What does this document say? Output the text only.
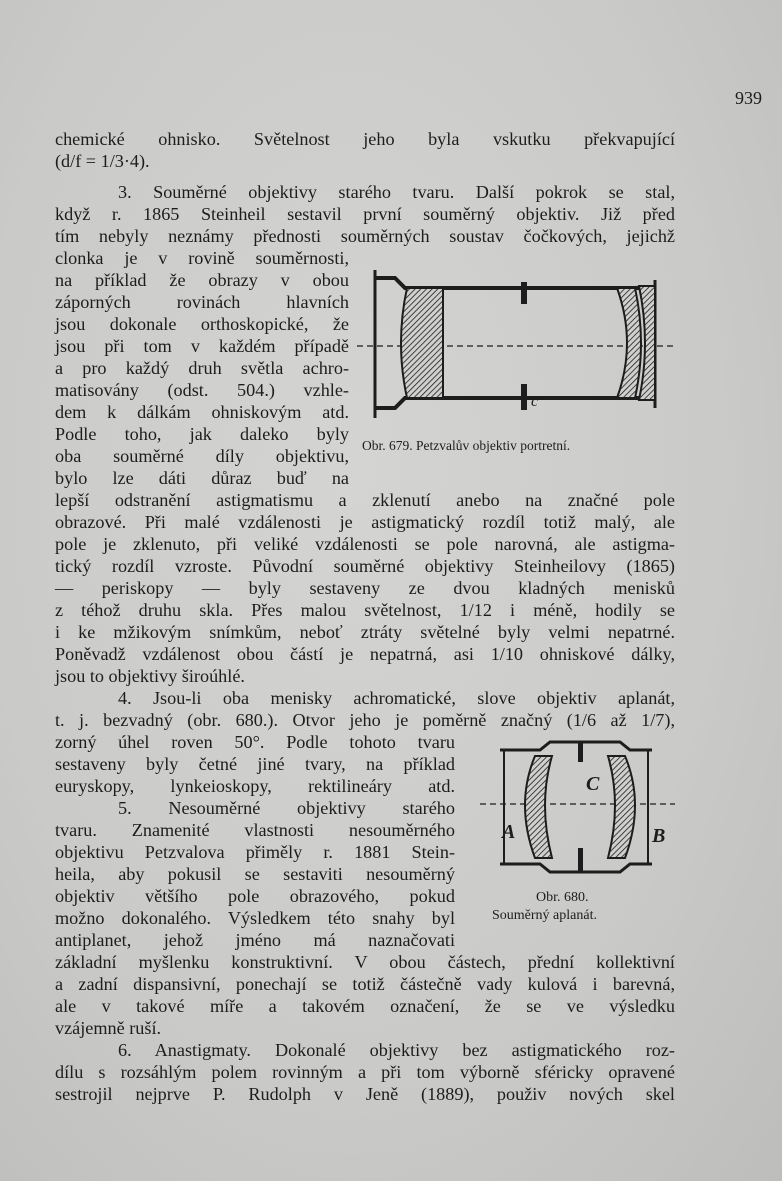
939
chemické ohnisko. Světelnost jeho byla vskutku překvapující
(d/f = 1/3·4).
3. Souměrné objektivy starého tvaru. Další pokrok se stal,
když r. 1865 Steinheil sestavil první souměrný objektiv. Již před
tím nebyly neznámy přednosti souměrných soustav čočkových, jejichž
clonka je v rovině souměrnosti,
na příklad že obrazy v obou
záporných rovinách hlavních
jsou dokonale orthoskopické, že
jsou při tom v každém případě
a pro každý druh světla achro-
matisovány (odst. 504.) vzhle-
dem k dálkám ohniskovým atd.
Podle toho, jak daleko byly
oba souměrné díly objektivu,
bylo lze dáti důraz buď na
lepší odstranění astigmatismu a zklenutí anebo na značné pole
obrazové. Při malé vzdálenosti je astigmatický rozdíl totiž malý, ale
pole je zklenuto, při veliké vzdálenosti se pole narovná, ale astigma-
tický rozdíl vzroste. Původní souměrné objektivy Steinheilovy (1865)
— periskopy — byly sestaveny ze dvou kladných menisků
z téhož druhu skla. Přes malou světelnost, 1/12 i méně, hodily se
i ke mžikovým snímkům, neboť ztráty světelné byly velmi nepatrné.
Poněvadž vzdálenost obou částí je nepatrná, asi 1/10 ohniskové dálky,
jsou to objektivy široúhlé.
4. Jsou-li oba menisky achromatické, slove objektiv aplanát,
t. j. bezvadný (obr. 680.). Otvor jeho je poměrně značný (1/6 až 1/7),
zorný úhel roven 50°. Podle tohoto tvaru
sestaveny byly četné jiné tvary, na příklad
euryskopy, lynkeioskopy, rektilineáry atd.
5. Nesouměrné objektivy starého
tvaru. Znamenité vlastnosti nesouměrného
objektivu Petzvalova přiměly r. 1881 Stein-
heila, aby pokusil se sestaviti nesouměrný
objektiv většího pole obrazového, pokud
možno dokonalého. Výsledkem této snahy byl
antiplanet, jehož jméno má naznačovati
základní myšlenku konstruktivní. V obou částech, přední kollektivní
a zadní dispansivní, ponechají se totiž částečně vady kulová i barevná,
ale v takové míře a takovém označení, že se ve výsledku
vzájemně ruší.
6. Anastigmaty. Dokonalé objektivy bez astigmatického roz-
dílu s rozsáhlým polem rovinným a při tom výborně sféricky opravené
sestrojil nejprve P. Rudolph v Jeně (1889), použiv nových skel
c
Obr. 679. Petzvalův objektiv portretní.
C
A	B
Obr. 680.
Souměrný aplanát.
